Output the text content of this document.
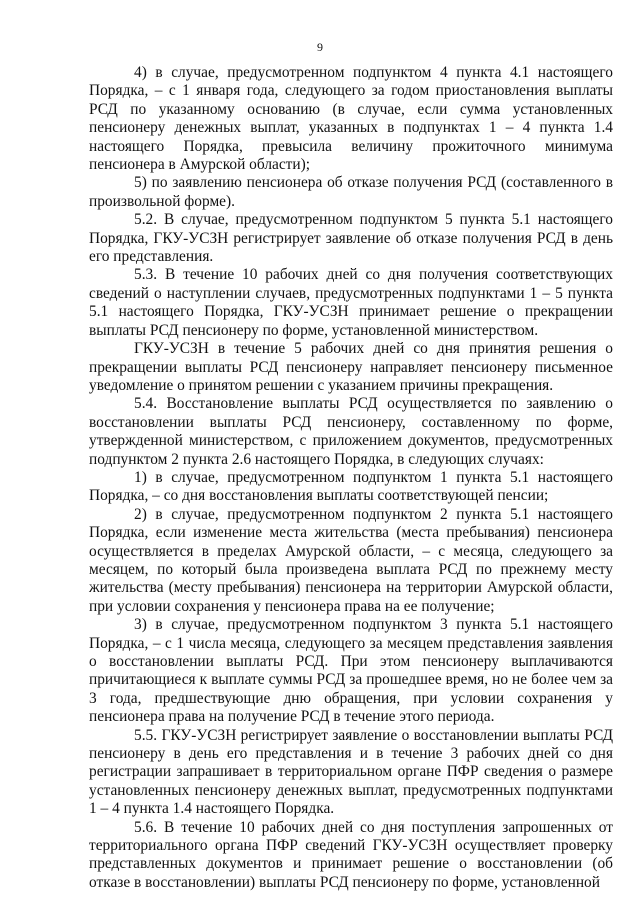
9

4) в случае, предусмотренном подпунктом 4 пункта 4.1 настоящего Порядка, – с 1 января года, следующего за годом приостановления выплаты РСД по указанному основанию (в случае, если сумма установленных пенсионеру денежных выплат, указанных в подпунктах 1 – 4 пункта 1.4 настоящего Порядка, превысила величину прожиточного минимума пенсионера в Амурской области);

5) по заявлению пенсионера об отказе получения РСД (составленного в произвольной форме).

5.2. В случае, предусмотренном подпунктом 5 пункта 5.1 настоящего Порядка, ГКУ-УСЗН регистрирует заявление об отказе получения РСД в день его представления.

5.3. В течение 10 рабочих дней со дня получения соответствующих сведений о наступлении случаев, предусмотренных подпунктами 1 – 5 пункта 5.1 настоящего Порядка, ГКУ-УСЗН принимает решение о прекращении выплаты РСД пенсионеру по форме, установленной министерством.

ГКУ-УСЗН в течение 5 рабочих дней со дня принятия решения о прекращении выплаты РСД пенсионеру направляет пенсионеру письменное уведомление о принятом решении с указанием причины прекращения.

5.4. Восстановление выплаты РСД осуществляется по заявлению о восстановлении выплаты РСД пенсионеру, составленному по форме, утвержденной министерством, с приложением документов, предусмотренных подпунктом 2 пункта 2.6 настоящего Порядка, в следующих случаях:

1) в случае, предусмотренном подпунктом 1 пункта 5.1 настоящего Порядка, – со дня восстановления выплаты соответствующей пенсии;

2) в случае, предусмотренном подпунктом 2 пункта 5.1 настоящего Порядка, если изменение места жительства (места пребывания) пенсионера осуществляется в пределах Амурской области, – с месяца, следующего за месяцем, по который была произведена выплата РСД по прежнему месту жительства (месту пребывания) пенсионера на территории Амурской области, при условии сохранения у пенсионера права на ее получение;

3) в случае, предусмотренном подпунктом 3 пункта 5.1 настоящего Порядка, – с 1 числа месяца, следующего за месяцем представления заявления о восстановлении выплаты РСД. При этом пенсионеру выплачиваются причитающиеся к выплате суммы РСД за прошедшее время, но не более чем за 3 года, предшествующие дню обращения, при условии сохранения у пенсионера права на получение РСД в течение этого периода.

5.5. ГКУ-УСЗН регистрирует заявление о восстановлении выплаты РСД пенсионеру в день его представления и в течение 3 рабочих дней со дня регистрации запрашивает в территориальном органе ПФР сведения о размере установленных пенсионеру денежных выплат, предусмотренных подпунктами 1 – 4 пункта 1.4 настоящего Порядка.

5.6. В течение 10 рабочих дней со дня поступления запрошенных от территориального органа ПФР сведений ГКУ-УСЗН осуществляет проверку представленных документов и принимает решение о восстановлении (об отказе в восстановлении) выплаты РСД пенсионеру по форме, установленной
